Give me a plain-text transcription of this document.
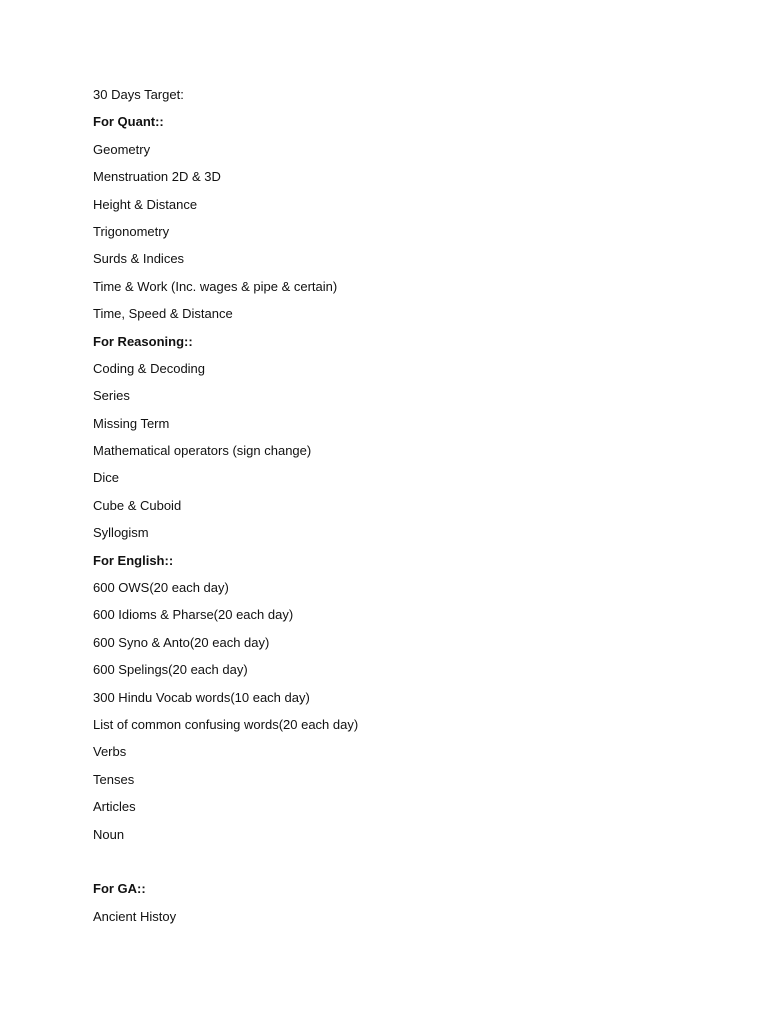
30 Days Target:
For Quant::
Geometry
Menstruation 2D & 3D
Height & Distance
Trigonometry
Surds & Indices
Time & Work (Inc. wages & pipe & certain)
Time, Speed & Distance
For Reasoning::
Coding & Decoding
Series
Missing Term
Mathematical operators (sign change)
Dice
Cube & Cuboid
Syllogism
For English::
600 OWS(20 each day)
600 Idioms & Pharse(20 each day)
600 Syno & Anto(20 each day)
600 Spelings(20 each day)
300 Hindu Vocab words(10 each day)
List of common confusing words(20 each day)
Verbs
Tenses
Articles
Noun
For GA::
Ancient Histoy
